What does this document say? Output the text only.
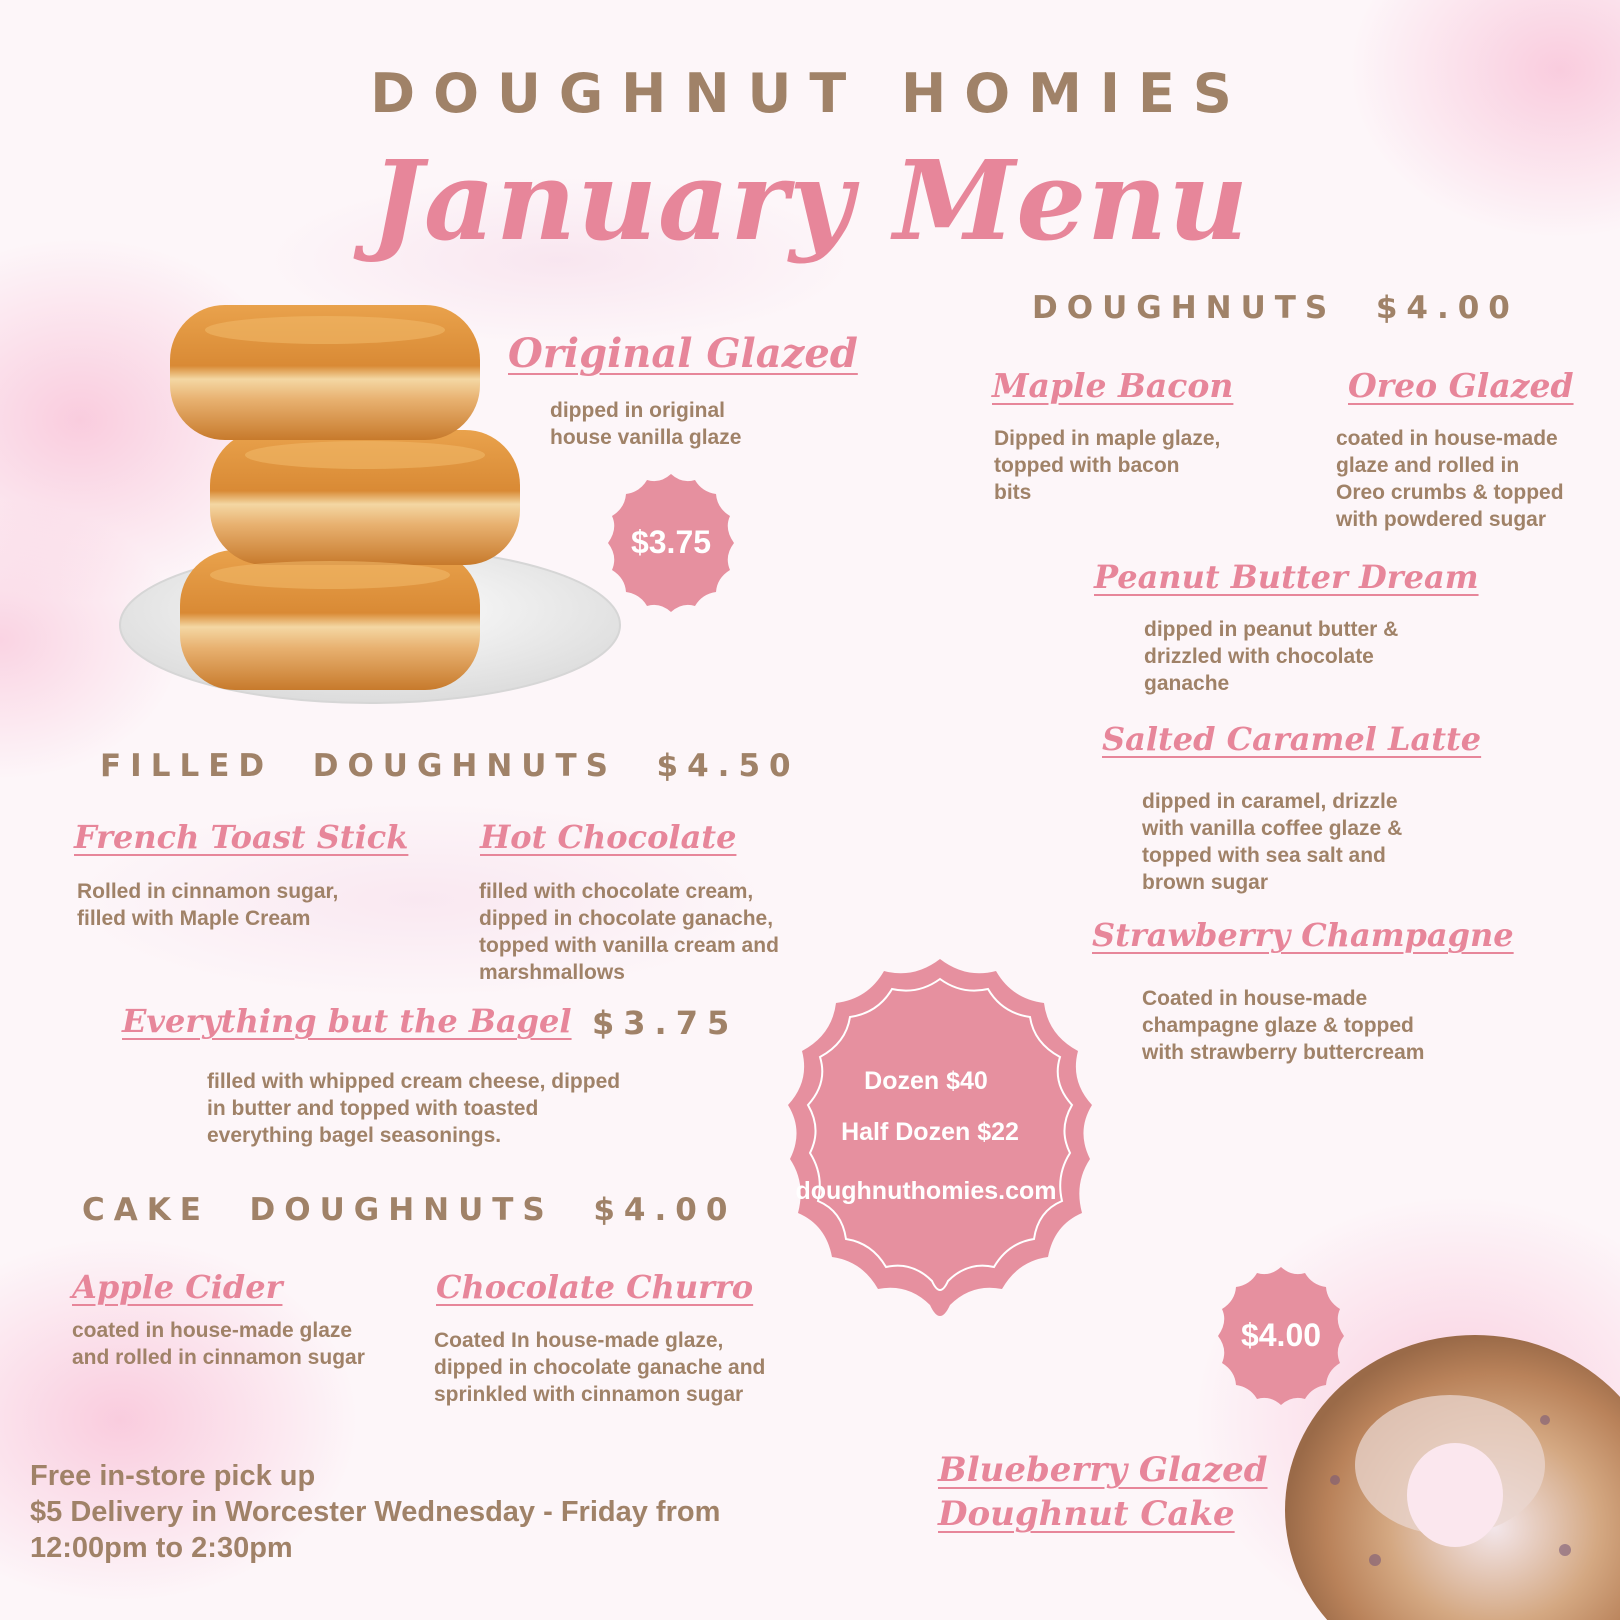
DOUGHNUT HOMIES
January Menu
Original Glazed
dipped in original
house vanilla glaze
$3.75
DOUGHNUTS  $4.00
Maple Bacon
Dipped in maple glaze,
topped with bacon
bits
Oreo Glazed
coated in house-made
glaze and rolled in
Oreo crumbs & topped
with powdered sugar
Peanut Butter Dream
dipped in peanut butter &
drizzled with chocolate
ganache
Salted Caramel Latte
dipped in caramel, drizzle
with vanilla coffee glaze &
topped with sea salt and
brown sugar
Strawberry Champagne
Coated in house-made
champagne glaze & topped
with strawberry buttercream
FILLED  DOUGHNUTS  $4.50
French Toast Stick
Rolled in cinnamon sugar,
filled with Maple Cream
Hot Chocolate
filled with chocolate cream,
dipped in chocolate ganache,
topped with vanilla cream and
marshmallows
Everything but the Bagel $3.75
filled with whipped cream cheese, dipped
in butter and topped with toasted
everything bagel seasonings.
CAKE  DOUGHNUTS  $4.00
Apple Cider
coated in house-made glaze
and rolled in cinnamon sugar
Chocolate Churro
Coated In house-made glaze,
dipped in chocolate ganache and
sprinkled with cinnamon sugar
Dozen $40
Half Dozen $22
doughnuthomies.com
$4.00
Blueberry Glazed
Doughnut Cake
Free in-store pick up
$5 Delivery in Worcester Wednesday - Friday from
12:00pm to 2:30pm
